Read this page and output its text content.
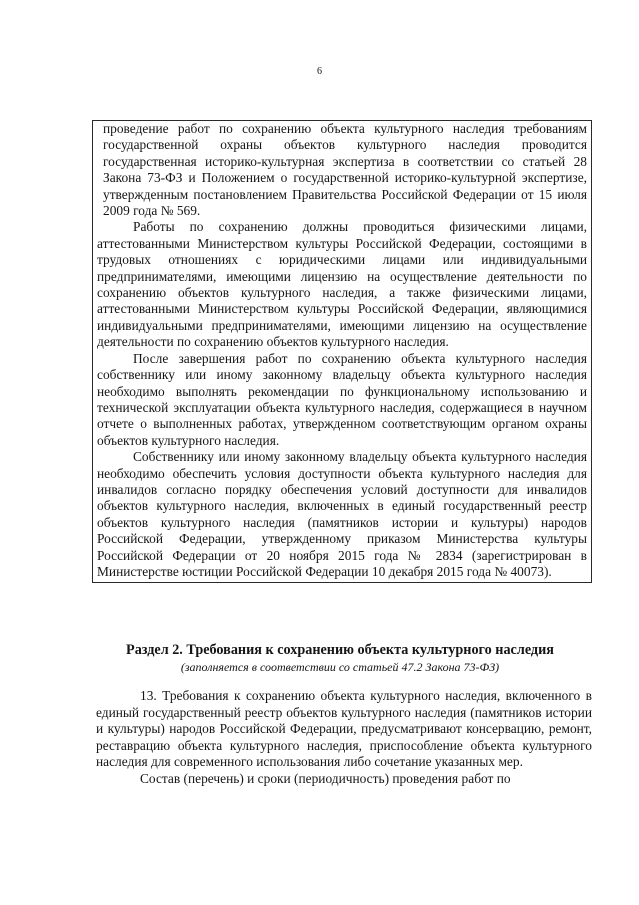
6

проведение работ по сохранению объекта культурного наследия требованиям государственной охраны объектов культурного наследия проводится государственная историко-культурная экспертиза в соответствии со статьей 28 Закона 73-ФЗ и Положением о государственной историко-культурной экспертизе, утвержденным постановлением Правительства Российской Федерации от 15 июля 2009 года № 569.

Работы по сохранению должны проводиться физическими лицами, аттестованными Министерством культуры Российской Федерации, состоящими в трудовых отношениях с юридическими лицами или индивидуальными предпринимателями, имеющими лицензию на осуществление деятельности по сохранению объектов культурного наследия, а также физическими лицами, аттестованными Министерством культуры Российской Федерации, являющимися индивидуальными предпринимателями, имеющими лицензию на осуществление деятельности по сохранению объектов культурного наследия.

После завершения работ по сохранению объекта культурного наследия собственнику или иному законному владельцу объекта культурного наследия необходимо выполнять рекомендации по функциональному использованию и технической эксплуатации объекта культурного наследия, содержащиеся в научном отчете о выполненных работах, утвержденном соответствующим органом охраны объектов культурного наследия.

Собственнику или иному законному владельцу объекта культурного наследия необходимо обеспечить условия доступности объекта культурного наследия для инвалидов согласно порядку обеспечения условий доступности для инвалидов объектов культурного наследия, включенных в единый государственный реестр объектов культурного наследия (памятников истории и культуры) народов Российской Федерации, утвержденному приказом Министерства культуры Российской Федерации от 20 ноября 2015 года № 2834 (зарегистрирован в Министерстве юстиции Российской Федерации 10 декабря 2015 года № 40073).

Раздел 2. Требования к сохранению объекта культурного наследия
(заполняется в соответствии со статьей 47.2 Закона 73-ФЗ)

13. Требования к сохранению объекта культурного наследия, включенного в единый государственный реестр объектов культурного наследия (памятников истории и культуры) народов Российской Федерации, предусматривают консервацию, ремонт, реставрацию объекта культурного наследия, приспособление объекта культурного наследия для современного использования либо сочетание указанных мер.

Состав (перечень) и сроки (периодичность) проведения работ по
